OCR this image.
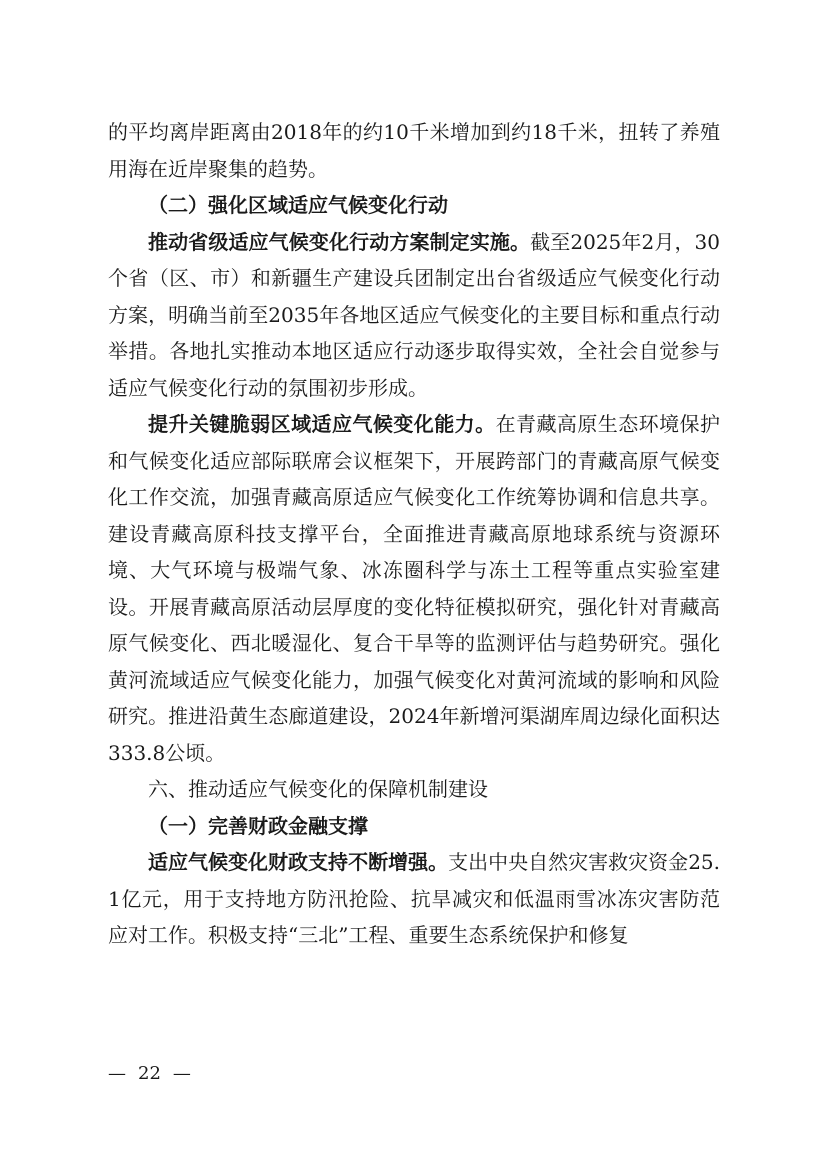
的平均离岸距离由2018年的约10千米增加到约18千米，扭转了养殖用海在近岸聚集的趋势。

（二）强化区域适应气候变化行动

推动省级适应气候变化行动方案制定实施。截至2025年2月，30个省（区、市）和新疆生产建设兵团制定出台省级适应气候变化行动方案，明确当前至2035年各地区适应气候变化的主要目标和重点行动举措。各地扎实推动本地区适应行动逐步取得实效，全社会自觉参与适应气候变化行动的氛围初步形成。

提升关键脆弱区域适应气候变化能力。在青藏高原生态环境保护和气候变化适应部际联席会议框架下，开展跨部门的青藏高原气候变化工作交流，加强青藏高原适应气候变化工作统筹协调和信息共享。建设青藏高原科技支撑平台，全面推进青藏高原地球系统与资源环境、大气环境与极端气象、冰冻圈科学与冻土工程等重点实验室建设。开展青藏高原活动层厚度的变化特征模拟研究，强化针对青藏高原气候变化、西北暖湿化、复合干旱等的监测评估与趋势研究。强化黄河流域适应气候变化能力，加强气候变化对黄河流域的影响和风险研究。推进沿黄生态廊道建设，2024年新增河渠湖库周边绿化面积达333.8公顷。

六、推动适应气候变化的保障机制建设

（一）完善财政金融支撑

适应气候变化财政支持不断增强。支出中央自然灾害救灾资金25.1亿元，用于支持地方防汛抢险、抗旱减灾和低温雨雪冰冻灾害防范应对工作。积极支持“三北”工程、重要生态系统保护和修复

— 22 —
